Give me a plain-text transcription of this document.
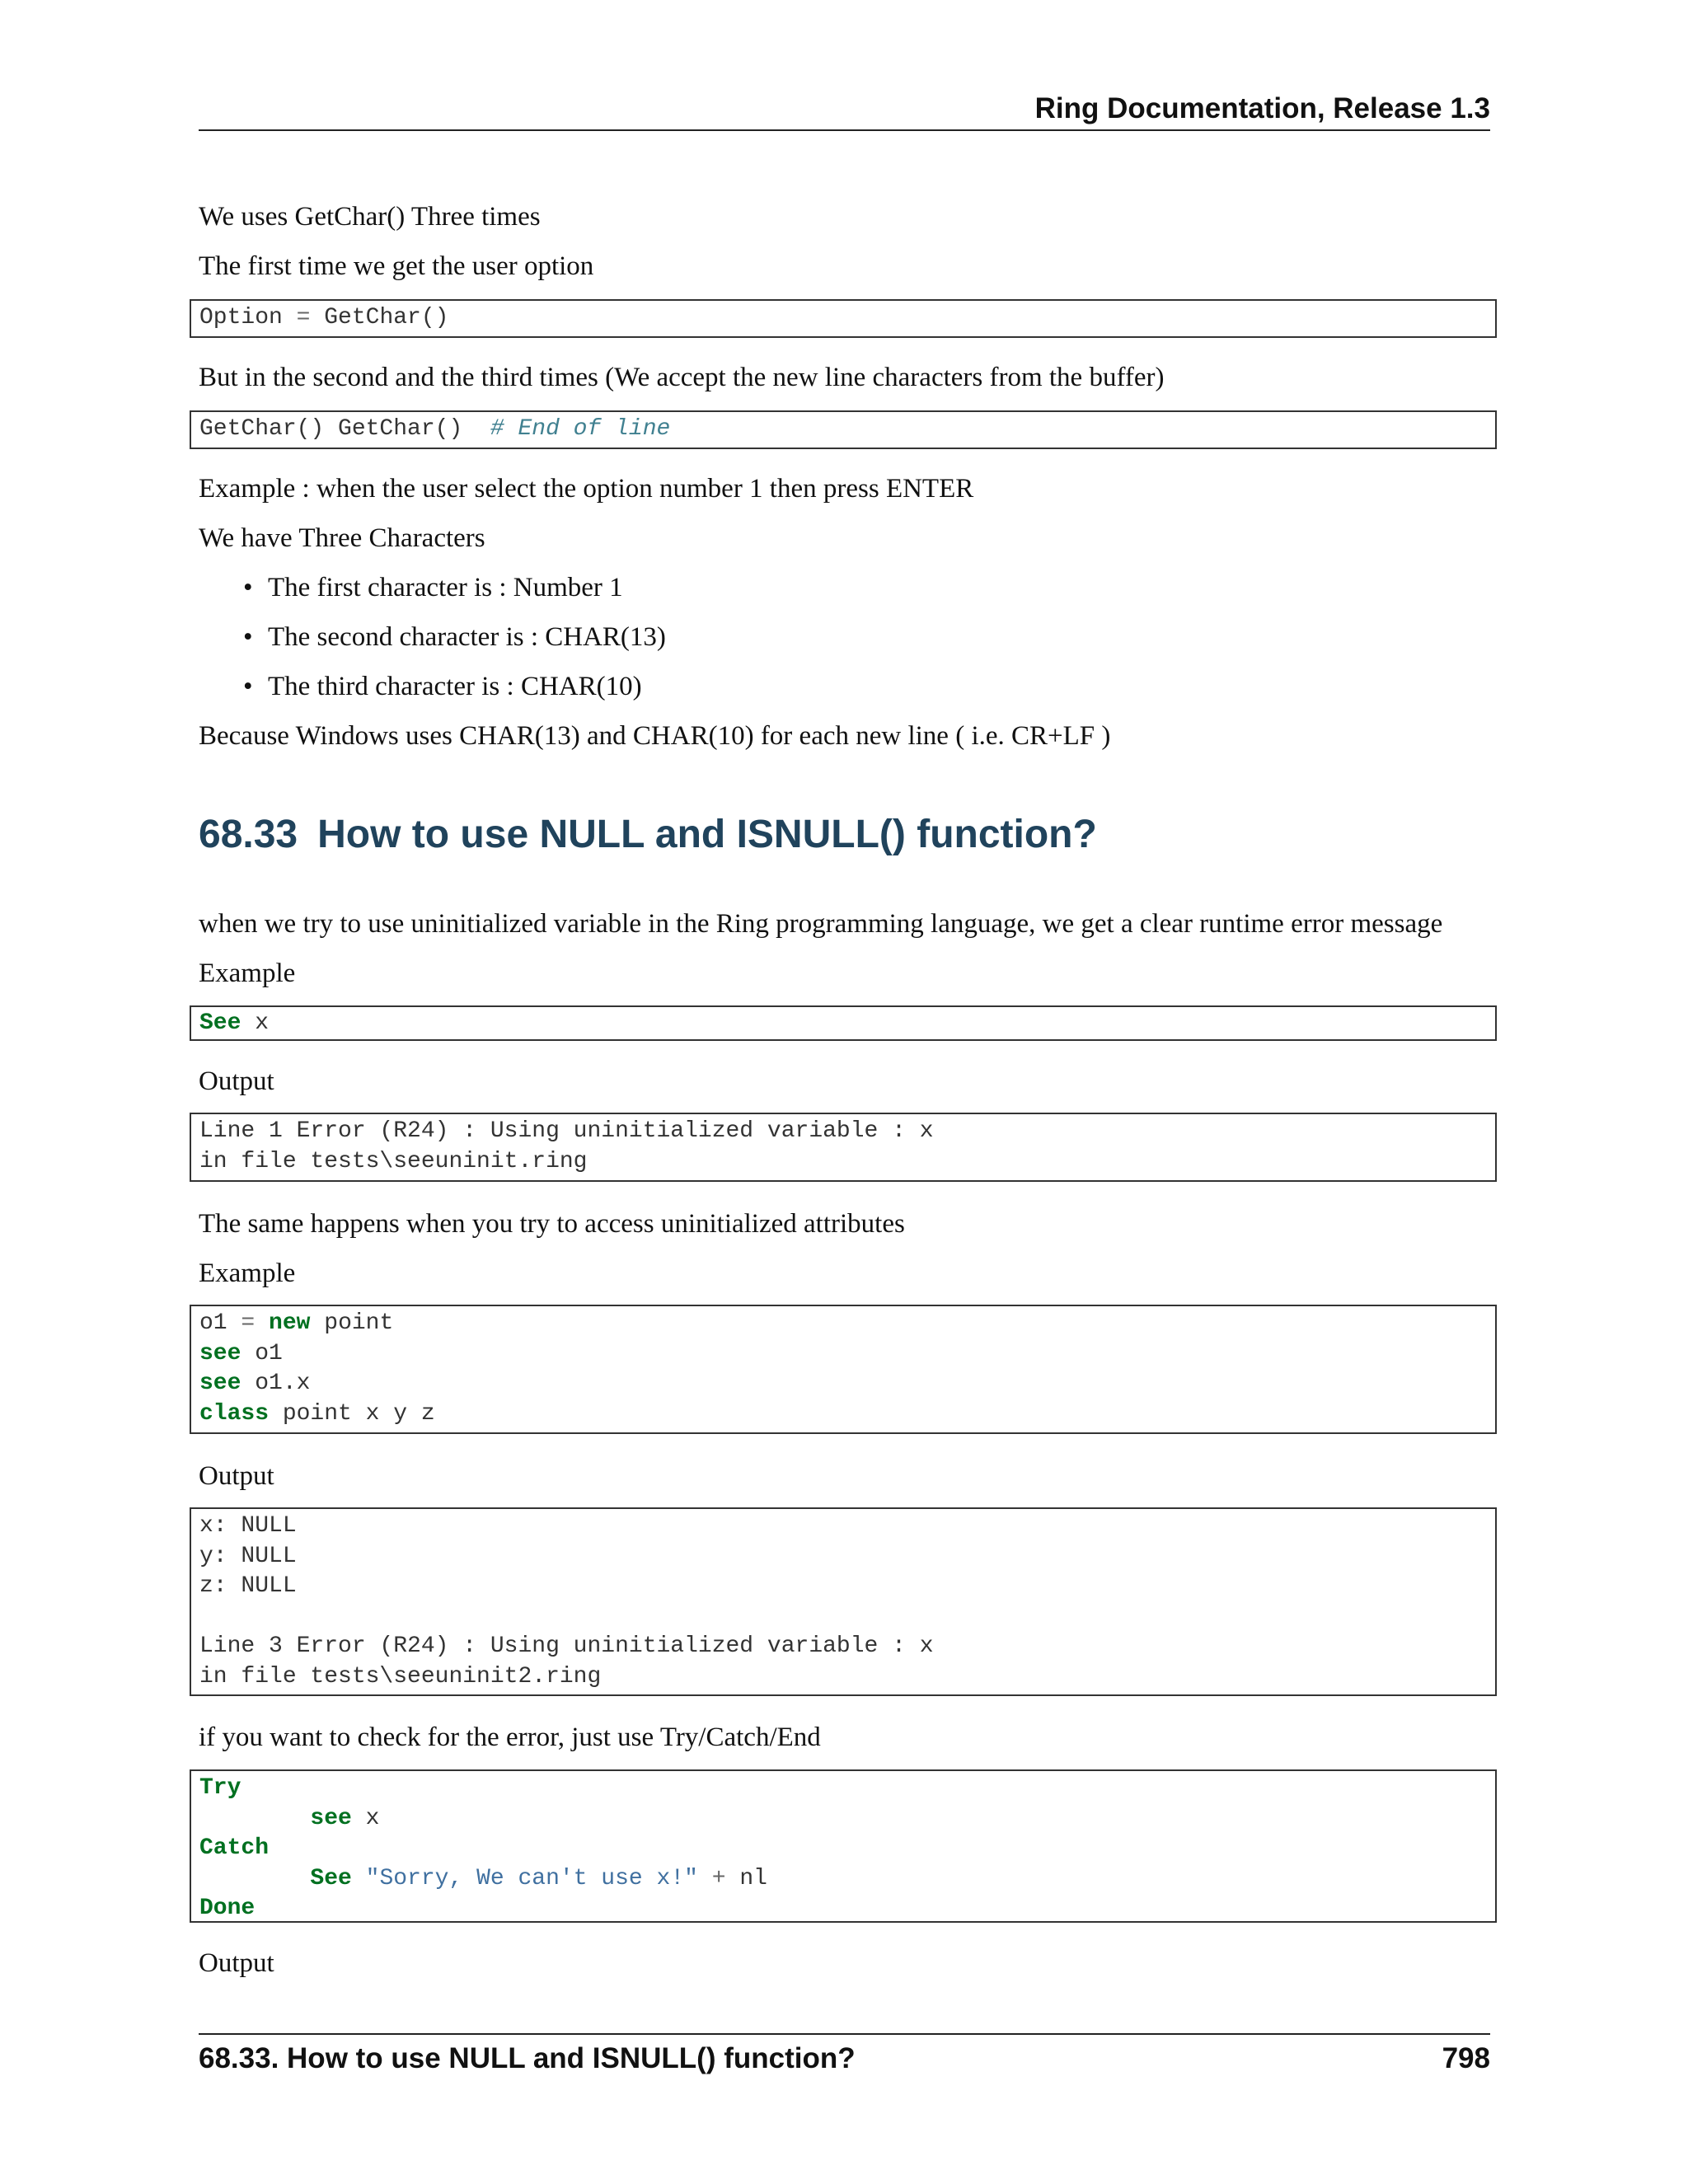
Ring Documentation, Release 1.3
We uses GetChar() Three times
The first time we get the user option
Option = GetChar()
But in the second and the third times (We accept the new line characters from the buffer)
GetChar() GetChar()  # End of line
Example : when the user select the option number 1 then press ENTER
We have Three Characters
• The first character is : Number 1
• The second character is : CHAR(13)
• The third character is : CHAR(10)
Because Windows uses CHAR(13) and CHAR(10) for each new line ( i.e. CR+LF )
68.33 How to use NULL and ISNULL() function?
when we try to use uninitialized variable in the Ring programming language, we get a clear runtime error message
Example
See x
Output
Line 1 Error (R24) : Using uninitialized variable : x
in file tests\seeuninit.ring
The same happens when you try to access uninitialized attributes
Example
o1 = new point
see o1
see o1.x
class point x y z
Output
x: NULL
y: NULL
z: NULL
Line 3 Error (R24) : Using uninitialized variable : x
in file tests\seeuninit2.ring
if you want to check for the error, just use Try/Catch/End
Try
see x
Catch
See "Sorry, We can't use x!" + nl
Done
Output
68.33. How to use NULL and ISNULL() function?	798
